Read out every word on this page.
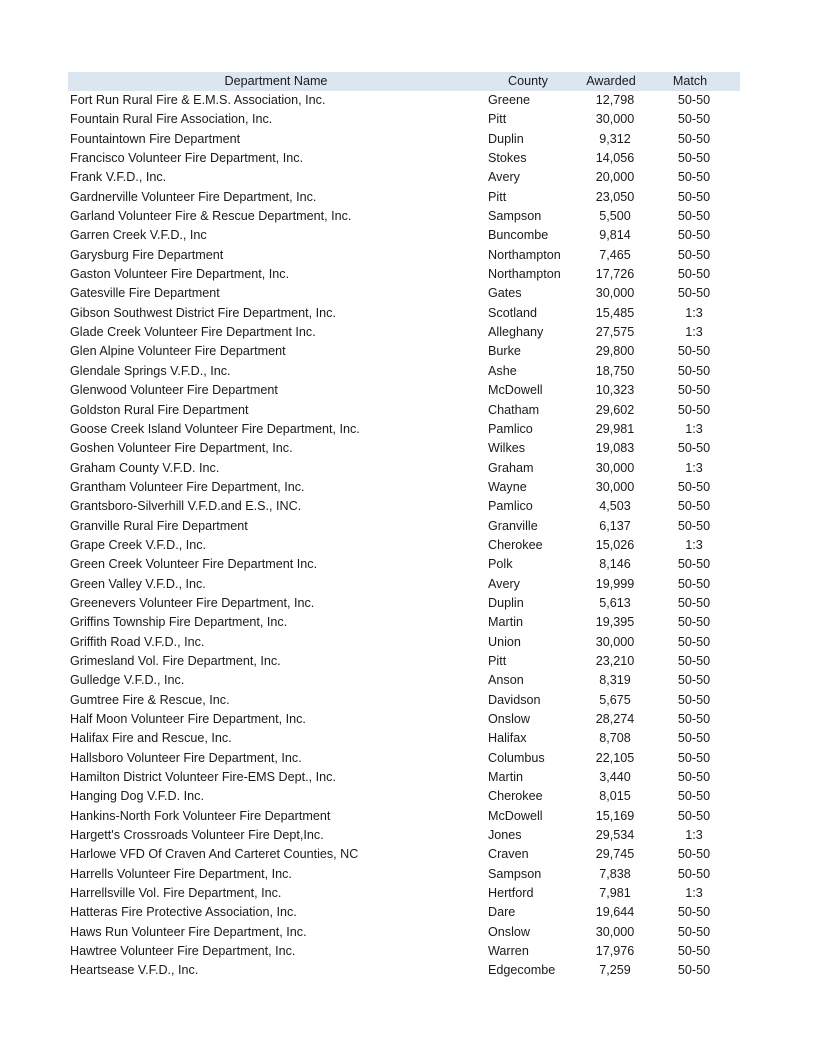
Department Name	County	Awarded	Match
Fort Run Rural Fire & E.M.S. Association, Inc.	Greene	12,798	50-50
Fountain Rural Fire Association, Inc.	Pitt	30,000	50-50
Fountaintown Fire Department	Duplin	9,312	50-50
Francisco Volunteer Fire Department, Inc.	Stokes	14,056	50-50
Frank V.F.D., Inc.	Avery	20,000	50-50
Gardnerville Volunteer Fire Department, Inc.	Pitt	23,050	50-50
Garland Volunteer Fire & Rescue Department, Inc.	Sampson	5,500	50-50
Garren Creek V.F.D., Inc	Buncombe	9,814	50-50
Garysburg Fire Department	Northampton	7,465	50-50
Gaston Volunteer Fire Department, Inc.	Northampton	17,726	50-50
Gatesville Fire Department	Gates	30,000	50-50
Gibson Southwest District Fire Department, Inc.	Scotland	15,485	1:3
Glade Creek Volunteer Fire Department Inc.	Alleghany	27,575	1:3
Glen Alpine Volunteer Fire Department	Burke	29,800	50-50
Glendale Springs V.F.D., Inc.	Ashe	18,750	50-50
Glenwood Volunteer Fire Department	McDowell	10,323	50-50
Goldston Rural Fire Department	Chatham	29,602	50-50
Goose Creek Island Volunteer Fire Department, Inc.	Pamlico	29,981	1:3
Goshen Volunteer Fire Department, Inc.	Wilkes	19,083	50-50
Graham County V.F.D. Inc.	Graham	30,000	1:3
Grantham Volunteer Fire Department, Inc.	Wayne	30,000	50-50
Grantsboro-Silverhill V.F.D.and E.S., INC.	Pamlico	4,503	50-50
Granville Rural Fire Department	Granville	6,137	50-50
Grape Creek V.F.D., Inc.	Cherokee	15,026	1:3
Green Creek Volunteer Fire Department Inc.	Polk	8,146	50-50
Green Valley V.F.D., Inc.	Avery	19,999	50-50
Greenevers Volunteer Fire Department, Inc.	Duplin	5,613	50-50
Griffins Township Fire Department, Inc.	Martin	19,395	50-50
Griffith Road V.F.D., Inc.	Union	30,000	50-50
Grimesland Vol. Fire Department, Inc.	Pitt	23,210	50-50
Gulledge V.F.D., Inc.	Anson	8,319	50-50
Gumtree Fire & Rescue, Inc.	Davidson	5,675	50-50
Half Moon Volunteer Fire Department, Inc.	Onslow	28,274	50-50
Halifax Fire and Rescue, Inc.	Halifax	8,708	50-50
Hallsboro Volunteer Fire Department, Inc.	Columbus	22,105	50-50
Hamilton District Volunteer Fire-EMS Dept., Inc.	Martin	3,440	50-50
Hanging Dog V.F.D. Inc.	Cherokee	8,015	50-50
Hankins-North Fork Volunteer Fire Department	McDowell	15,169	50-50
Hargett's Crossroads Volunteer Fire Dept,Inc.	Jones	29,534	1:3
Harlowe VFD Of Craven And Carteret Counties, NC	Craven	29,745	50-50
Harrells Volunteer Fire Department, Inc.	Sampson	7,838	50-50
Harrellsville Vol. Fire Department, Inc.	Hertford	7,981	1:3
Hatteras Fire Protective Association, Inc.	Dare	19,644	50-50
Haws Run Volunteer Fire Department, Inc.	Onslow	30,000	50-50
Hawtree Volunteer Fire Department, Inc.	Warren	17,976	50-50
Heartsease V.F.D., Inc.	Edgecombe	7,259	50-50
